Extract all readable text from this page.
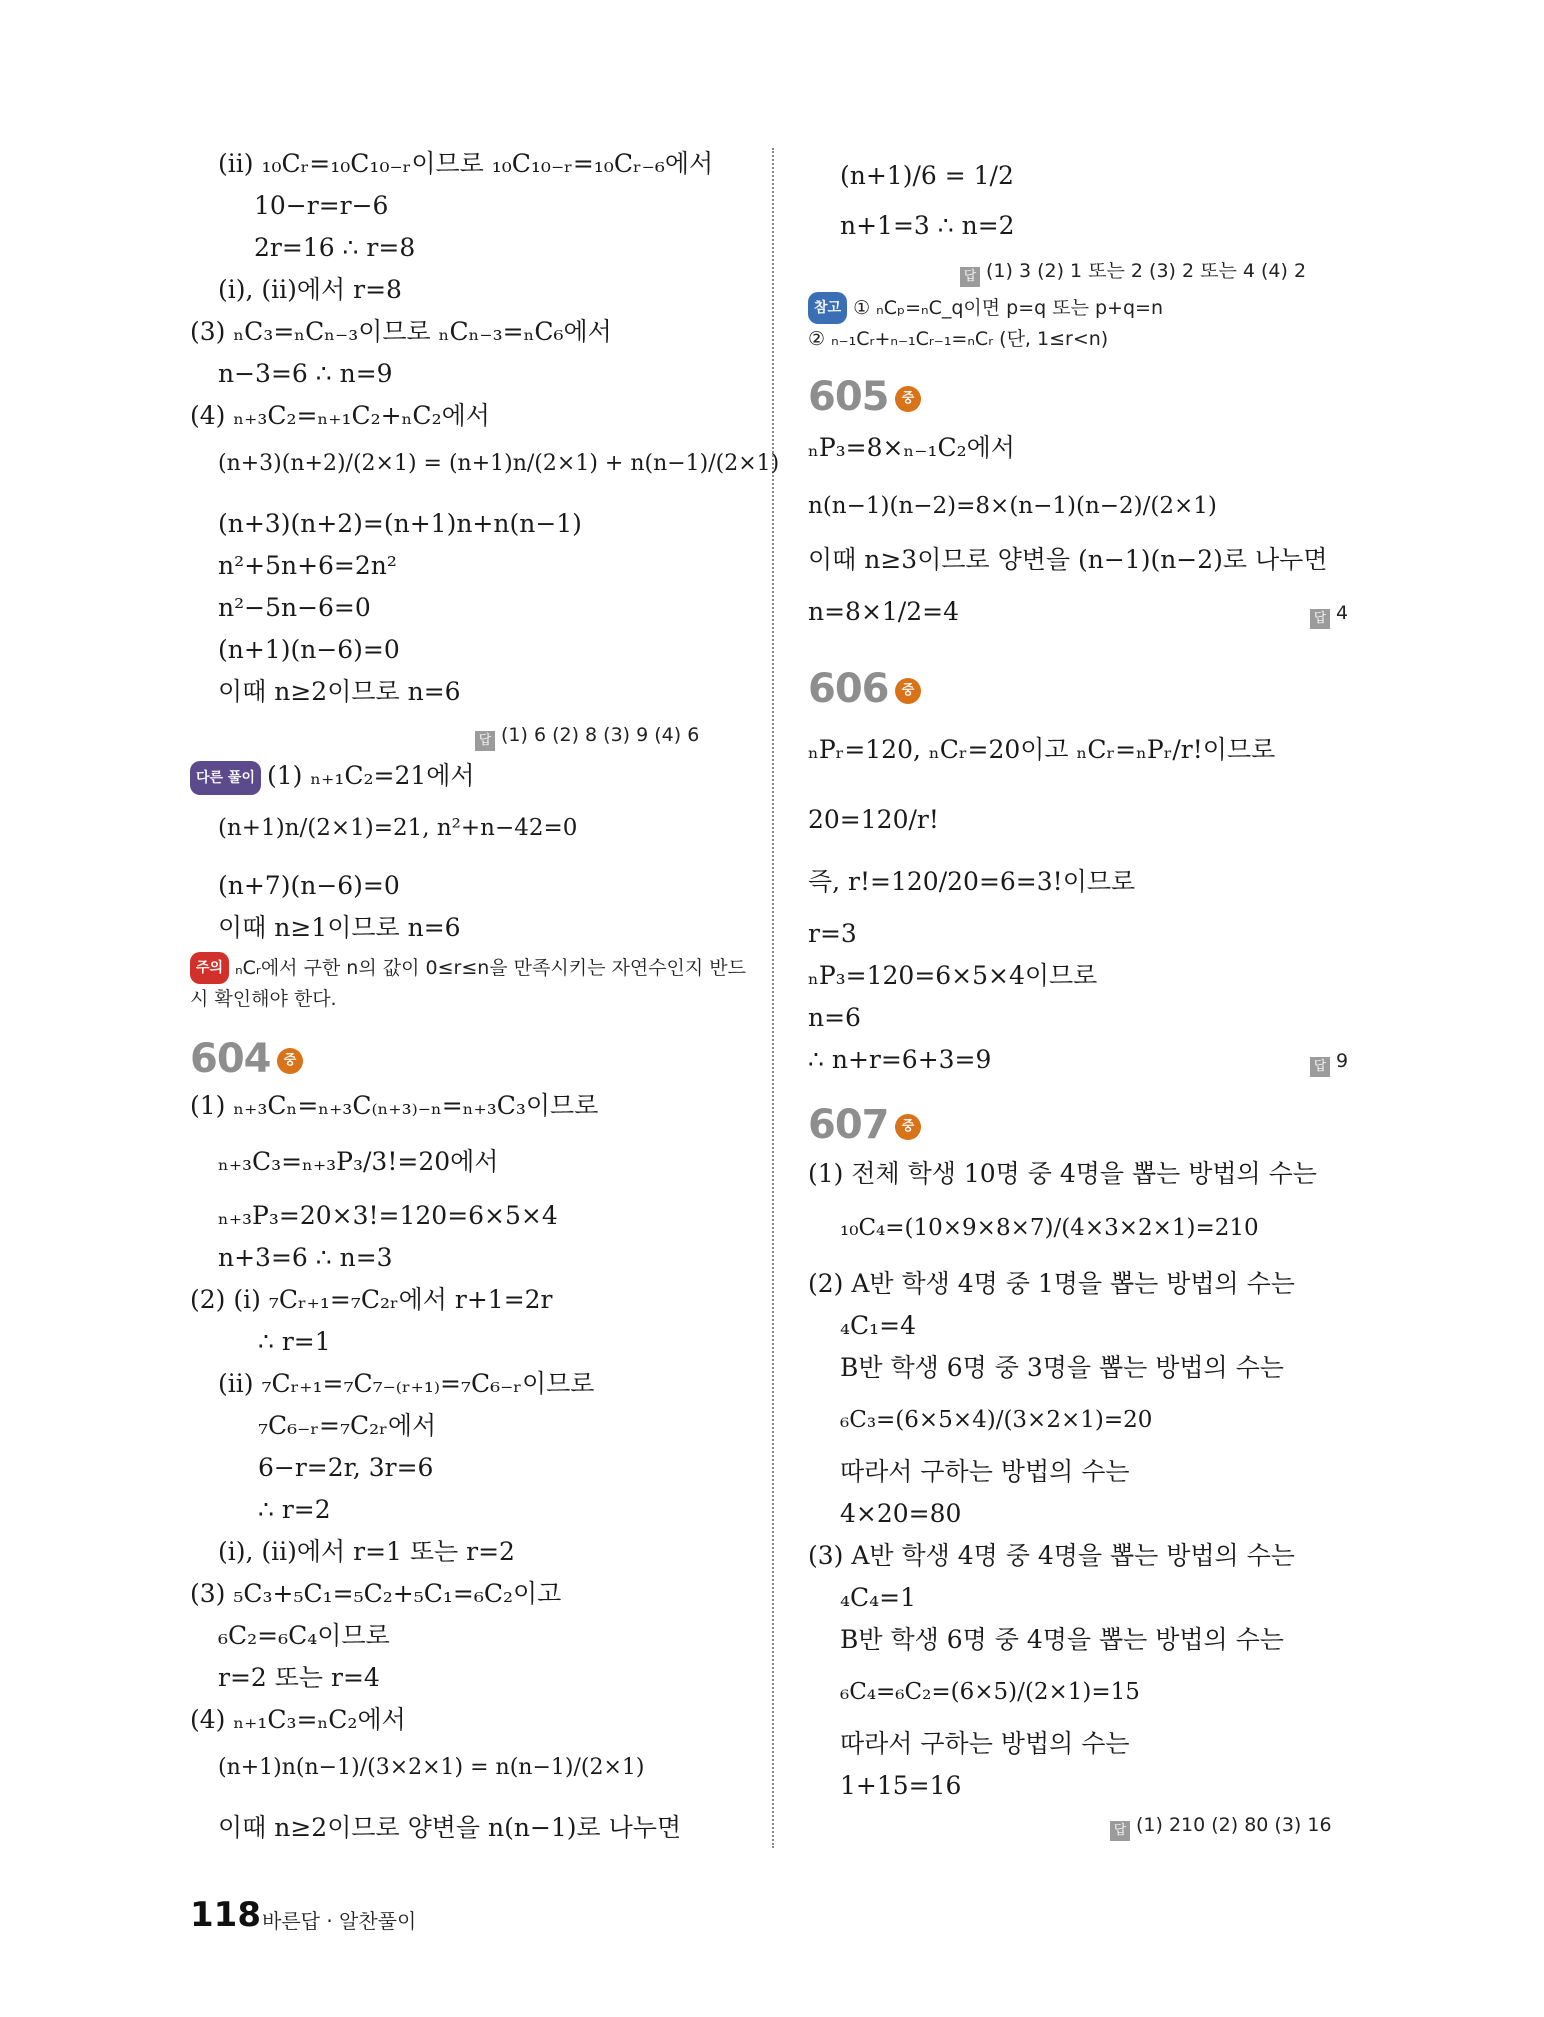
(ⅱ) ₁₀Cᵣ=₁₀C₁₀₋ᵣ이므로 ₁₀C₁₀₋ᵣ=₁₀Cᵣ₋₆에서
10−r=r−6
2r=16 ∴ r=8
(ⅰ), (ⅱ)에서 r=8
(3) ₙC₃=ₙCₙ₋₃이므로 ₙCₙ₋₃=ₙC₆에서
n−3=6 ∴ n=9
(4) ₙ₊₃C₂=ₙ₊₁C₂+ₙC₂에서
(n+3)(n+2)/(2×1) = (n+1)n/(2×1) + n(n−1)/(2×1)
(n+3)(n+2)=(n+1)n+n(n−1)
n²+5n+6=2n²
n²−5n−6=0
(n+1)(n−6)=0
이때 n≥2이므로 n=6
답 (1) 6 (2) 8 (3) 9 (4) 6
다른 풀이 (1) ₙ₊₁C₂=21에서
(n+1)n/(2×1)=21, n²+n−42=0
(n+7)(n−6)=0
이때 n≥1이므로 n=6
주의 ₙCᵣ에서 구한 n의 값이 0≤r≤n을 만족시키는 자연수인지 반드시 확인해야 한다.
604 중
(1) ₙ₊₃Cₙ=ₙ₊₃C₍ₙ₊₃₎₋ₙ=ₙ₊₃C₃이므로
ₙ₊₃C₃=ₙ₊₃P₃/3!=20에서
ₙ₊₃P₃=20×3!=120=6×5×4
n+3=6 ∴ n=3
(2) (ⅰ) ₇Cᵣ₊₁=₇C₂ᵣ에서 r+1=2r
∴ r=1
(ⅱ) ₇Cᵣ₊₁=₇C₇₋₍ᵣ₊₁₎=₇C₆₋ᵣ이므로
₇C₆₋ᵣ=₇C₂ᵣ에서
6−r=2r, 3r=6
∴ r=2
(ⅰ), (ⅱ)에서 r=1 또는 r=2
(3) ₅C₃+₅C₁=₅C₂+₅C₁=₆C₂이고
₆C₂=₆C₄이므로
r=2 또는 r=4
(4) ₙ₊₁C₃=ₙC₂에서
(n+1)n(n−1)/(3×2×1) = n(n−1)/(2×1)
이때 n≥2이므로 양변을 n(n−1)로 나누면
(n+1)/6 = 1/2
n+1=3 ∴ n=2
답 (1) 3 (2) 1 또는 2 (3) 2 또는 4 (4) 2
참고 ① ₙCₚ=ₙC_q이면 p=q 또는 p+q=n
② ₙ₋₁Cᵣ+ₙ₋₁Cᵣ₋₁=ₙCᵣ (단, 1≤r<n)
605 중
ₙP₃=8×ₙ₋₁C₂에서
n(n−1)(n−2)=8×(n−1)(n−2)/(2×1)
이때 n≥3이므로 양변을 (n−1)(n−2)로 나누면
n=8×1/2=4	답 4
606 중
ₙPᵣ=120, ₙCᵣ=20이고 ₙCᵣ=ₙPᵣ/r!이므로
20=120/r!
즉, r!=120/20=6=3!이므로
r=3
ₙP₃=120=6×5×4이므로
n=6
∴ n+r=6+3=9	답 9
607 중
(1) 전체 학생 10명 중 4명을 뽑는 방법의 수는
₁₀C₄=(10×9×8×7)/(4×3×2×1)=210
(2) A반 학생 4명 중 1명을 뽑는 방법의 수는
₄C₁=4
B반 학생 6명 중 3명을 뽑는 방법의 수는
₆C₃=(6×5×4)/(3×2×1)=20
따라서 구하는 방법의 수는
4×20=80
(3) A반 학생 4명 중 4명을 뽑는 방법의 수는
₄C₄=1
B반 학생 6명 중 4명을 뽑는 방법의 수는
₆C₄=₆C₂=(6×5)/(2×1)=15
따라서 구하는 방법의 수는
1+15=16
답 (1) 210 (2) 80 (3) 16
118 바른답 · 알찬풀이
